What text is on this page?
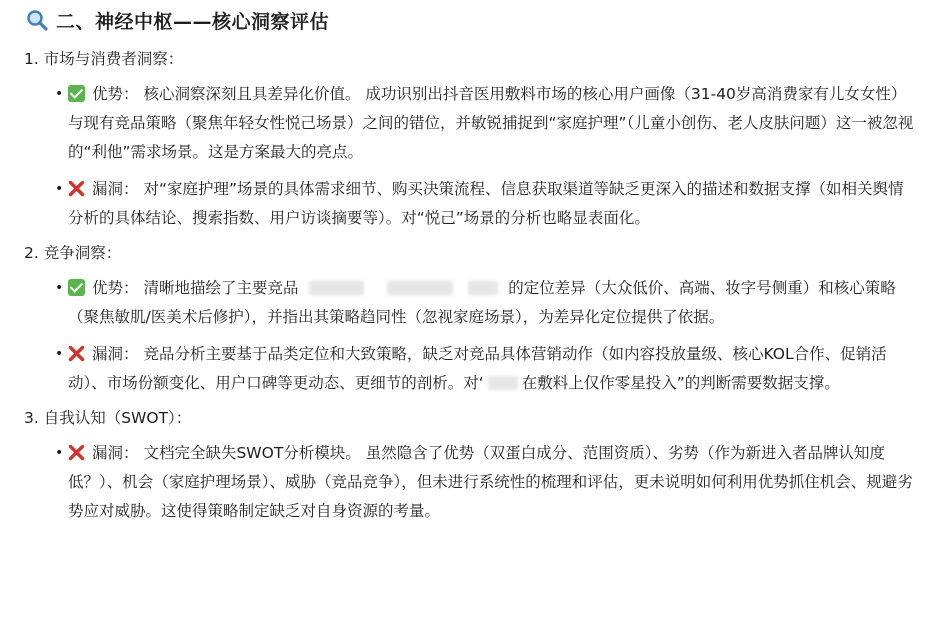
二、神经中枢——核心洞察评估
1. 市场与消费者洞察：
• 优势： 核心洞察深刻且具差异化价值。 成功识别出抖音医用敷料市场的核心用户画像（31-40岁高消费家有儿女女性）与现有竞品策略（聚焦年轻女性悦己场景）之间的错位，并敏锐捕捉到“家庭护理”（儿童小创伤、老人皮肤问题）这一被忽视的“利他”需求场景。这是方案最大的亮点。
• 漏洞： 对“家庭护理”场景的具体需求细节、购买决策流程、信息获取渠道等缺乏更深入的描述和数据支撑（如相关舆情分析的具体结论、搜索指数、用户访谈摘要等）。对“悦己”场景的分析也略显表面化。
2. 竞争洞察：
• 优势： 清晰地描绘了主要竞品	的定位差异（大众低价、高端、妆字号侧重）和核心策略（聚焦敏肌/医美术后修护），并指出其策略趋同性（忽视家庭场景），为差异化定位提供了依据。
• 漏洞： 竞品分析主要基于品类定位和大致策略，缺乏对竞品具体营销动作（如内容投放量级、核心KOL合作、促销活动）、市场份额变化、用户口碑等更动态、更细节的剖析。对‘ 在敷料上仅作零星投入”的判断需要数据支撑。
3. 自我认知（SWOT）：
• 漏洞： 文档完全缺失SWOT分析模块。 虽然隐含了优势（双蛋白成分、范围资质）、劣势（作为新进入者品牌认知度低？）、机会（家庭护理场景）、威胁（竞品竞争），但未进行系统性的梳理和评估，更未说明如何利用优势抓住机会、规避劣势应对威胁。这使得策略制定缺乏对自身资源的考量。
